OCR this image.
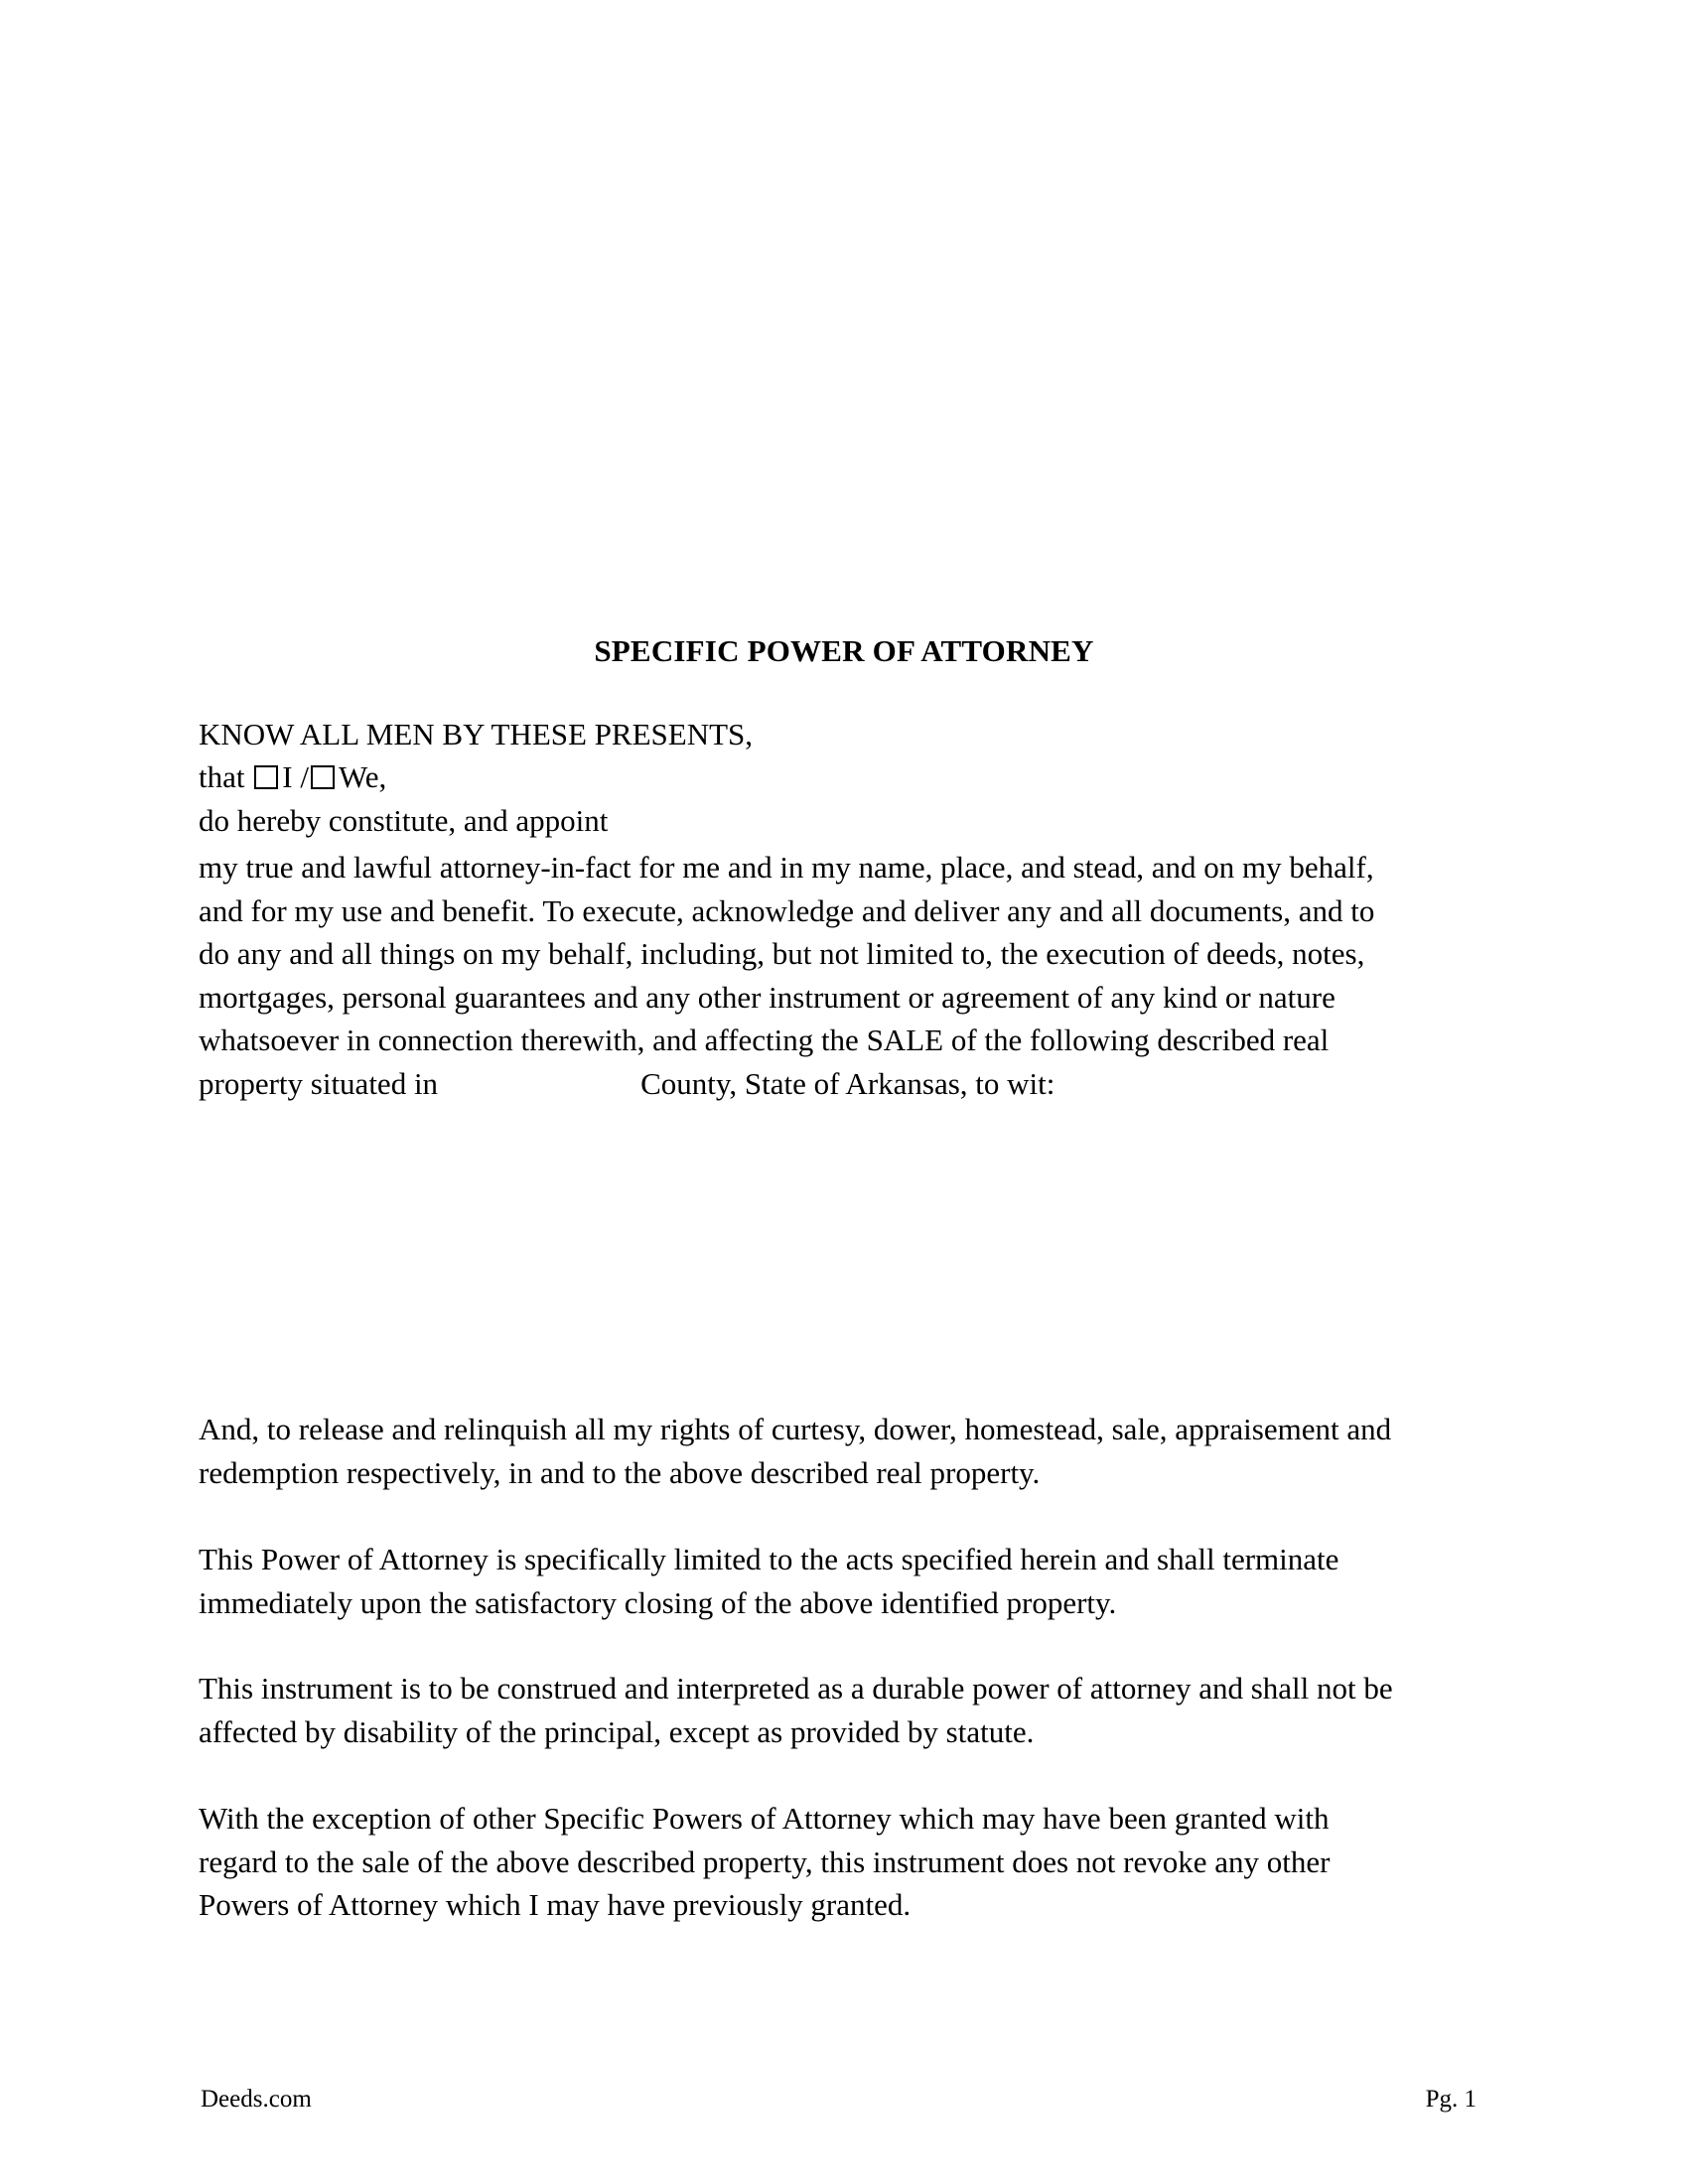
SPECIFIC POWER OF ATTORNEY
KNOW ALL MEN BY THESE PRESENTS,
that I / We,
do hereby constitute, and appoint

my true and lawful attorney-in-fact for me and in my name, place, and stead, and on my behalf,

and for my use and benefit. To execute, acknowledge and deliver any and all documents, and to

do any and all things on my behalf, including, but not limited to, the execution of deeds, notes,

mortgages, personal guarantees and any other instrument or agreement of any kind or nature

whatsoever in connection therewith, and affecting the SALE of the following described real

property situated in	County, State of Arkansas, to wit:

And, to release and relinquish all my rights of curtesy, dower, homestead, sale, appraisement and

redemption respectively, in and to the above described real property.

This Power of Attorney is specifically limited to the acts specified herein and shall terminate

immediately upon the satisfactory closing of the above identified property.

This instrument is to be construed and interpreted as a durable power of attorney and shall not be

affected by disability of the principal, except as provided by statute.

With the exception of other Specific Powers of Attorney which may have been granted with

regard to the sale of the above described property, this instrument does not revoke any other

Powers of Attorney which I may have previously granted.

Deeds.com	Pg. 1
